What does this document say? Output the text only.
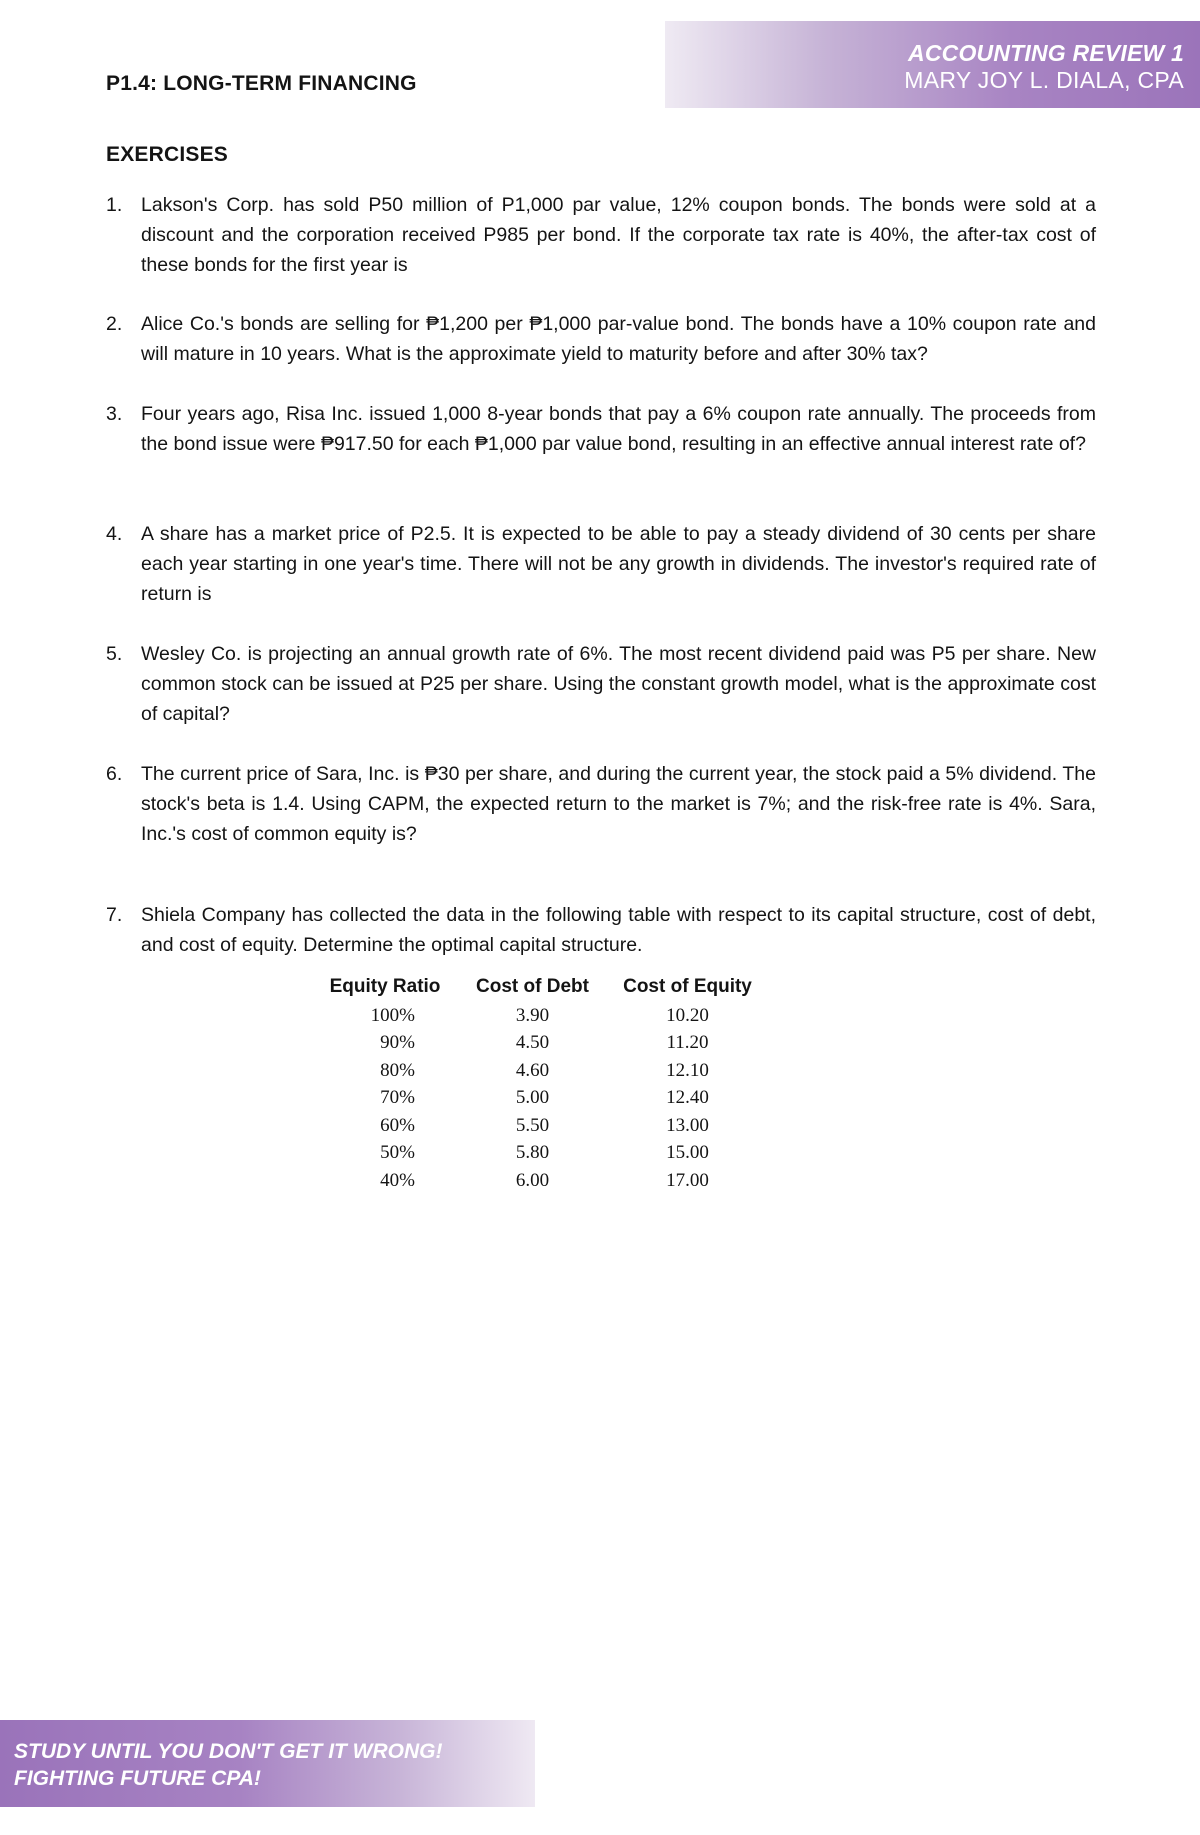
ACCOUNTING REVIEW 1
MARY JOY L. DIALA, CPA
P1.4: LONG-TERM FINANCING
EXERCISES
1. Lakson's Corp. has sold P50 million of P1,000 par value, 12% coupon bonds. The bonds were sold at a discount and the corporation received P985 per bond. If the corporate tax rate is 40%, the after-tax cost of these bonds for the first year is
2. Alice Co.'s bonds are selling for ₱1,200 per ₱1,000 par-value bond. The bonds have a 10% coupon rate and will mature in 10 years. What is the approximate yield to maturity before and after 30% tax?
3. Four years ago, Risa Inc. issued 1,000 8-year bonds that pay a 6% coupon rate annually. The proceeds from the bond issue were ₱917.50 for each ₱1,000 par value bond, resulting in an effective annual interest rate of?
4. A share has a market price of P2.5. It is expected to be able to pay a steady dividend of 30 cents per share each year starting in one year's time. There will not be any growth in dividends. The investor's required rate of return is
5. Wesley Co. is projecting an annual growth rate of 6%. The most recent dividend paid was P5 per share. New common stock can be issued at P25 per share. Using the constant growth model, what is the approximate cost of capital?
6. The current price of Sara, Inc. is ₱30 per share, and during the current year, the stock paid a 5% dividend. The stock's beta is 1.4. Using CAPM, the expected return to the market is 7%; and the risk-free rate is 4%. Sara, Inc.'s cost of common equity is?
7. Shiela Company has collected the data in the following table with respect to its capital structure, cost of debt, and cost of equity. Determine the optimal capital structure.
Equity Ratio	Cost of Debt	Cost of Equity
100%	3.90	10.20
90%	4.50	11.20
80%	4.60	12.10
70%	5.00	12.40
60%	5.50	13.00
50%	5.80	15.00
40%	6.00	17.00
STUDY UNTIL YOU DON'T GET IT WRONG!
FIGHTING FUTURE CPA!
